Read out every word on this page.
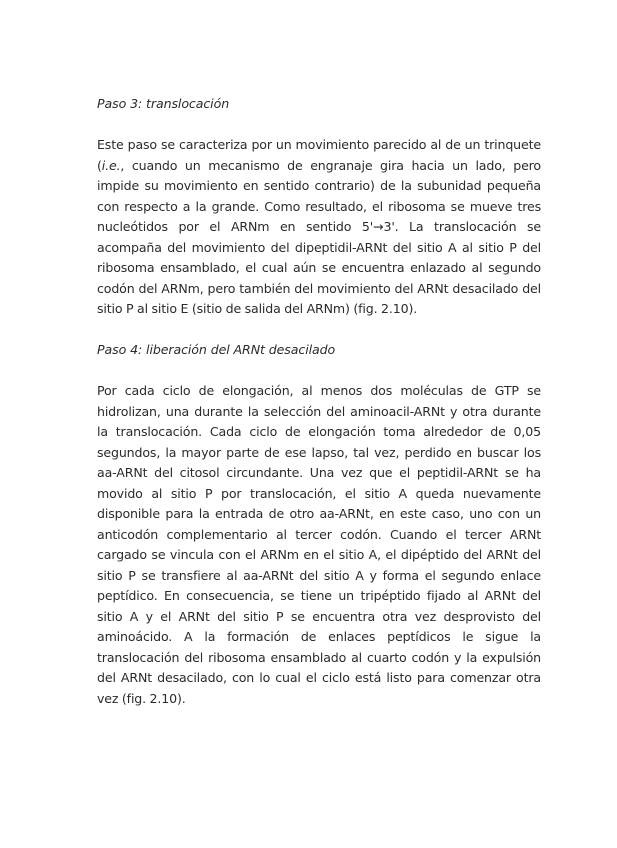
Paso 3: translocación

Este paso se caracteriza por un movimiento parecido al de un trinquete (i.e., cuando un mecanismo de engranaje gira hacia un lado, pero impide su movimiento en sentido contrario) de la subunidad pequeña con respecto a la grande. Como resultado, el ribosoma se mueve tres nucleótidos por el ARNm en sentido 5'→3'. La translocación se acompaña del movimiento del dipeptidil-ARNt del sitio A al sitio P del ribosoma ensamblado, el cual aún se encuentra enlazado al segundo codón del ARNm, pero también del movimiento del ARNt desacilado del sitio P al sitio E (sitio de salida del ARNm) (fig. 2.10).

Paso 4: liberación del ARNt desacilado

Por cada ciclo de elongación, al menos dos moléculas de GTP se hidrolizan, una durante la selección del aminoacil-ARNt y otra durante la translocación. Cada ciclo de elongación toma alrededor de 0,05 segundos, la mayor parte de ese lapso, tal vez, perdido en buscar los aa-ARNt del citosol circundante. Una vez que el peptidil-ARNt se ha movido al sitio P por translocación, el sitio A queda nuevamente disponible para la entrada de otro aa-ARNt, en este caso, uno con un anticodón complementario al tercer codón. Cuando el tercer ARNt cargado se vincula con el ARNm en el sitio A, el dipéptido del ARNt del sitio P se transfiere al aa-ARNt del sitio A y forma el segundo enlace peptídico. En consecuencia, se tiene un tripéptido fijado al ARNt del sitio A y el ARNt del sitio P se encuentra otra vez desprovisto del aminoácido. A la formación de enlaces peptídicos le sigue la translocación del ribosoma ensamblado al cuarto codón y la expulsión del ARNt desacilado, con lo cual el ciclo está listo para comenzar otra vez (fig. 2.10).
